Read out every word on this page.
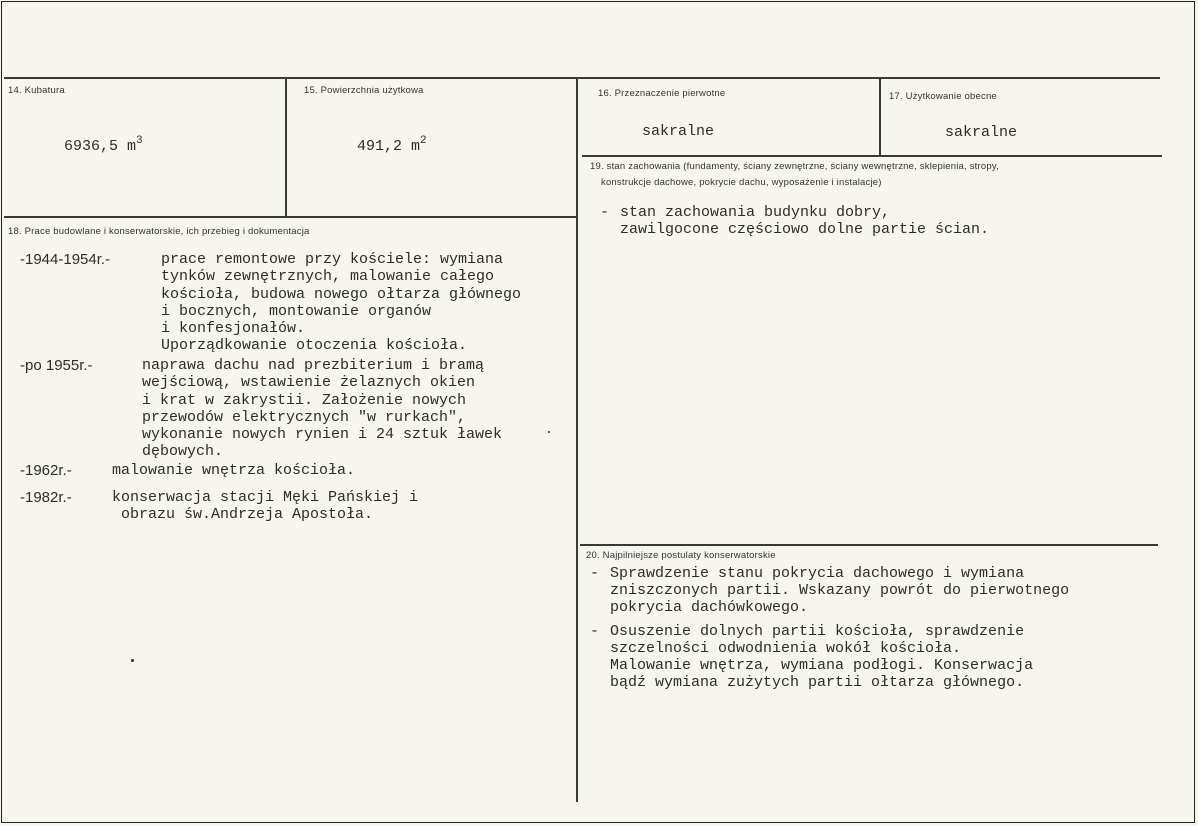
14. Kubatura
6936,5 $m^3$
15. Powierzchnia użytkowa
491,2 $m^2$
16. Przeznaczenie pierwotne
sakralne
17. Użytkowanie obecne
sakralne
18. Prace budowlane i konserwatorskie, ich przebieg i dokumentacja
-1944-1954r.-	prace remontowe przy kościele: wymiana
tynków zewnętrznych, malowanie całego
kościoła, budowa nowego ołtarza głównego
i bocznych, montowanie organów
i konfesjonałów.
Uporządkowanie otoczenia kościoła.
-po 1955r.-	naprawa dachu nad prezbiterium i bramą
wejściową, wstawienie żelaznych okien
i krat w zakrystii. Założenie nowych
przewodów elektrycznych "w rurkach",
wykonanie nowych rynien i 24 sztuk ławek
dębowych.
-1962r.-	malowanie wnętrza kościoła.
-1982r.-	konserwacja stacji Męki Pańskiej i
obrazu św.Andrzeja Apostoła.
19. stan zachowania (fundamenty, ściany zewnętrzne, ściany wewnętrzne, sklepienia, stropy,
konstrukcje dachowe, pokrycie dachu, wyposażenie i instalacje)
- stan zachowania budynku dobry,
zawilgocone częściowo dolne partie ścian.
20. Najpilniejsze postulaty konserwatorskie
- Sprawdzenie stanu pokrycia dachowego i wymiana
zniszczonych partii. Wskazany powrót do pierwotnego
pokrycia dachówkowego.
- Osuszenie dolnych partii kościoła, sprawdzenie
szczelności odwodnienia wokół kościoła.
Malowanie wnętrza, wymiana podłogi. Konserwacja
bądź wymiana zużytych partii ołtarza głównego.
